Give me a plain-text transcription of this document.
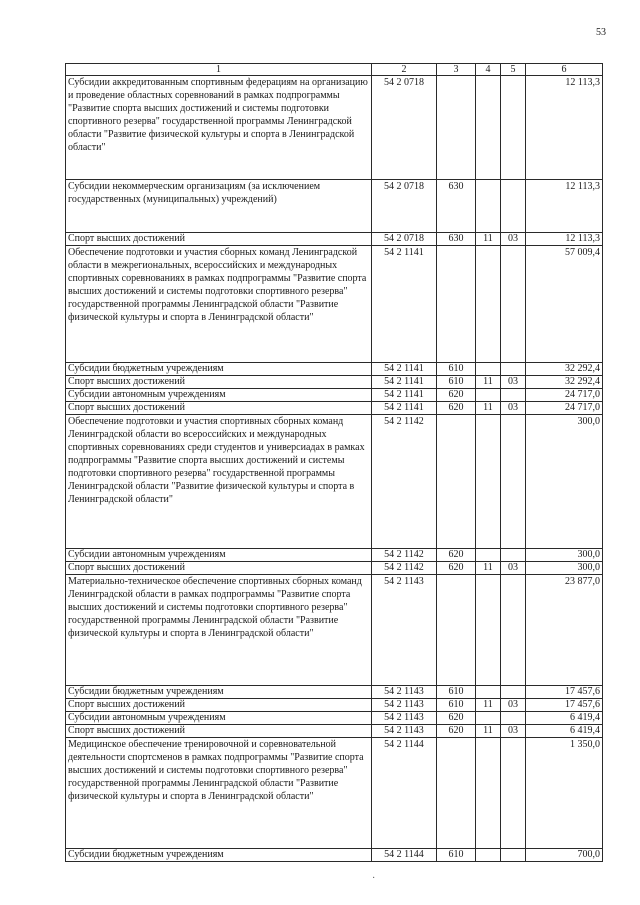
53
1	2	3	4	5	6
Субсидии аккредитованным спортивным федерациям на организацию и проведение областных соревнований в рамках подпрограммы "Развитие спорта высших достижений и системы подготовки спортивного резерва" государственной программы Ленинградской области "Развитие физической культуры и спорта в Ленинградской области"	54 2 0718				12 113,3
Субсидии некоммерческим организациям (за исключением государственных (муниципальных) учреждений)	54 2 0718	630			12 113,3
Спорт высших достижений	54 2 0718	630	11	03	12 113,3
Обеспечение подготовки и участия сборных команд Ленинградской области в межрегиональных, всероссийских и международных спортивных соревнованиях в рамках подпрограммы "Развитие спорта высших достижений и системы подготовки спортивного резерва" государственной программы Ленинградской области "Развитие физической культуры и спорта в Ленинградской области"	54 2 1141				57 009,4
Субсидии бюджетным учреждениям	54 2 1141	610			32 292,4
Спорт высших достижений	54 2 1141	610	11	03	32 292,4
Субсидии автономным учреждениям	54 2 1141	620			24 717,0
Спорт высших достижений	54 2 1141	620	11	03	24 717,0
Обеспечение подготовки и участия спортивных сборных команд Ленинградской области во всероссийских и международных спортивных соревнованиях среди студентов и универсиадах в рамках подпрограммы "Развитие спорта высших достижений и системы подготовки спортивного резерва" государственной программы Ленинградской области "Развитие физической культуры и спорта в Ленинградской области"	54 2 1142				300,0
Субсидии автономным учреждениям	54 2 1142	620			300,0
Спорт высших достижений	54 2 1142	620	11	03	300,0
Материально-техническое обеспечение спортивных сборных команд Ленинградской области в рамках подпрограммы "Развитие спорта высших достижений и системы подготовки спортивного резерва" государственной программы Ленинградской области "Развитие физической культуры и спорта в Ленинградской области"	54 2 1143				23 877,0
Субсидии бюджетным учреждениям	54 2 1143	610			17 457,6
Спорт высших достижений	54 2 1143	610	11	03	17 457,6
Субсидии автономным учреждениям	54 2 1143	620			6 419,4
Спорт высших достижений	54 2 1143	620	11	03	6 419,4
Медицинское обеспечение тренировочной и соревновательной деятельности спортсменов в рамках подпрограммы "Развитие спорта высших достижений и системы подготовки спортивного резерва" государственной программы Ленинградской области "Развитие физической культуры и спорта в Ленинградской области"	54 2 1144				1 350,0
Субсидии бюджетным учреждениям	54 2 1144	610			700,0
·
